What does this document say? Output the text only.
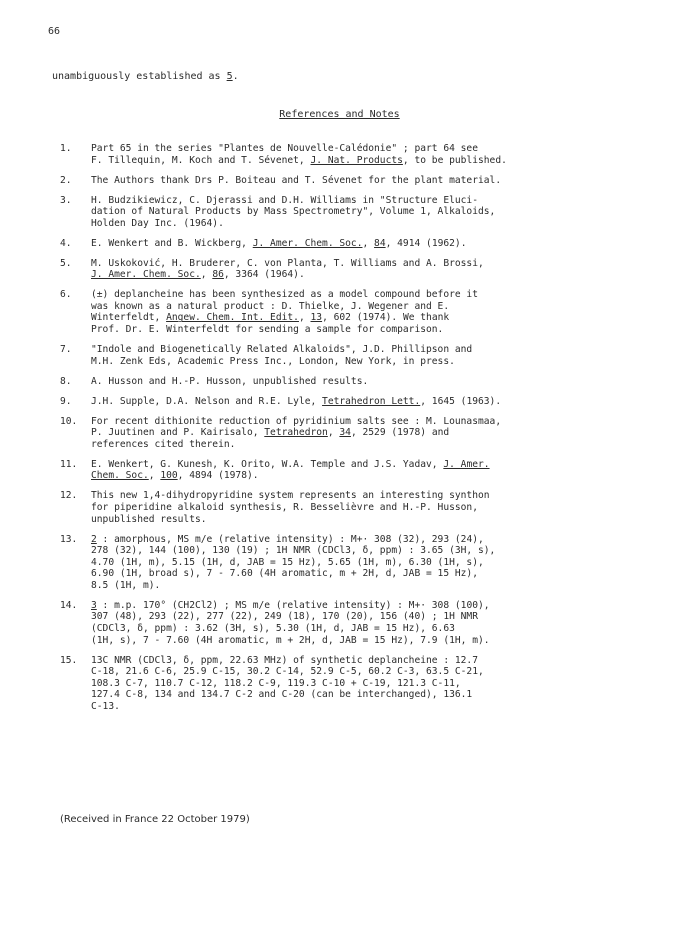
66
unambiguously established as 5.
References and Notes
1.	Part 65 in the series "Plantes de Nouvelle-Calédonie" ; part 64 see
F. Tillequin, M. Koch and T. Sévenet, J. Nat. Products, to be published.
2.	The Authors thank Drs P. Boiteau and T. Sévenet for the plant material.
3.	H. Budzikiewicz, C. Djerassi and D.H. Williams in "Structure Eluci-
dation of Natural Products by Mass Spectrometry", Volume 1, Alkaloids,
Holden Day Inc. (1964).
4.	E. Wenkert and B. Wickberg, J. Amer. Chem. Soc., 84, 4914 (1962).
5.	M. Uskoković, H. Bruderer, C. von Planta, T. Williams and A. Brossi,
J. Amer. Chem. Soc., 86, 3364 (1964).
6.	(±) deplancheine has been synthesized as a model compound before it
was known as a natural product : D. Thielke, J. Wegener and E.
Winterfeldt, Angew. Chem. Int. Edit., 13, 602 (1974). We thank
Prof. Dr. E. Winterfeldt for sending a sample for comparison.
7.	"Indole and Biogenetically Related Alkaloids", J.D. Phillipson and
M.H. Zenk Eds, Academic Press Inc., London, New York, in press.
8.	A. Husson and H.-P. Husson, unpublished results.
9.	J.H. Supple, D.A. Nelson and R.E. Lyle, Tetrahedron Lett., 1645 (1963).
10.	For recent dithionite reduction of pyridinium salts see : M. Lounasmaa,
P. Juutinen and P. Kairisalo, Tetrahedron, 34, 2529 (1978) and
references cited therein.
11.	E. Wenkert, G. Kunesh, K. Orito, W.A. Temple and J.S. Yadav, J. Amer.
Chem. Soc., 100, 4894 (1978).
12.	This new 1,4-dihydropyridine system represents an interesting synthon
for piperidine alkaloid synthesis, R. Besselièvre and H.-P. Husson,
unpublished results.
13.	2 : amorphous, MS m/e (relative intensity) : M+· 308 (32), 293 (24),
278 (32), 144 (100), 130 (19) ; 1H NMR (CDCl3, δ, ppm) : 3.65 (3H, s),
4.70 (1H, m), 5.15 (1H, d, JAB = 15 Hz), 5.65 (1H, m), 6.30 (1H, s),
6.90 (1H, broad s), 7 - 7.60 (4H aromatic, m + 2H, d, JAB = 15 Hz),
8.5 (1H, m).
14.	3 : m.p. 170° (CH2Cl2) ; MS m/e (relative intensity) : M+· 308 (100),
307 (48), 293 (22), 277 (22), 249 (18), 170 (20), 156 (40) ; 1H NMR
(CDCl3, δ, ppm) : 3.62 (3H, s), 5.30 (1H, d, JAB = 15 Hz), 6.63
(1H, s), 7 - 7.60 (4H aromatic, m + 2H, d, JAB = 15 Hz), 7.9 (1H, m).
15.	13C NMR (CDCl3, δ, ppm, 22.63 MHz) of synthetic deplancheine : 12.7
C-18, 21.6 C-6, 25.9 C-15, 30.2 C-14, 52.9 C-5, 60.2 C-3, 63.5 C-21,
108.3 C-7, 110.7 C-12, 118.2 C-9, 119.3 C-10 + C-19, 121.3 C-11,
127.4 C-8, 134 and 134.7 C-2 and C-20 (can be interchanged), 136.1
C-13.
(Received in France 22 October 1979)
